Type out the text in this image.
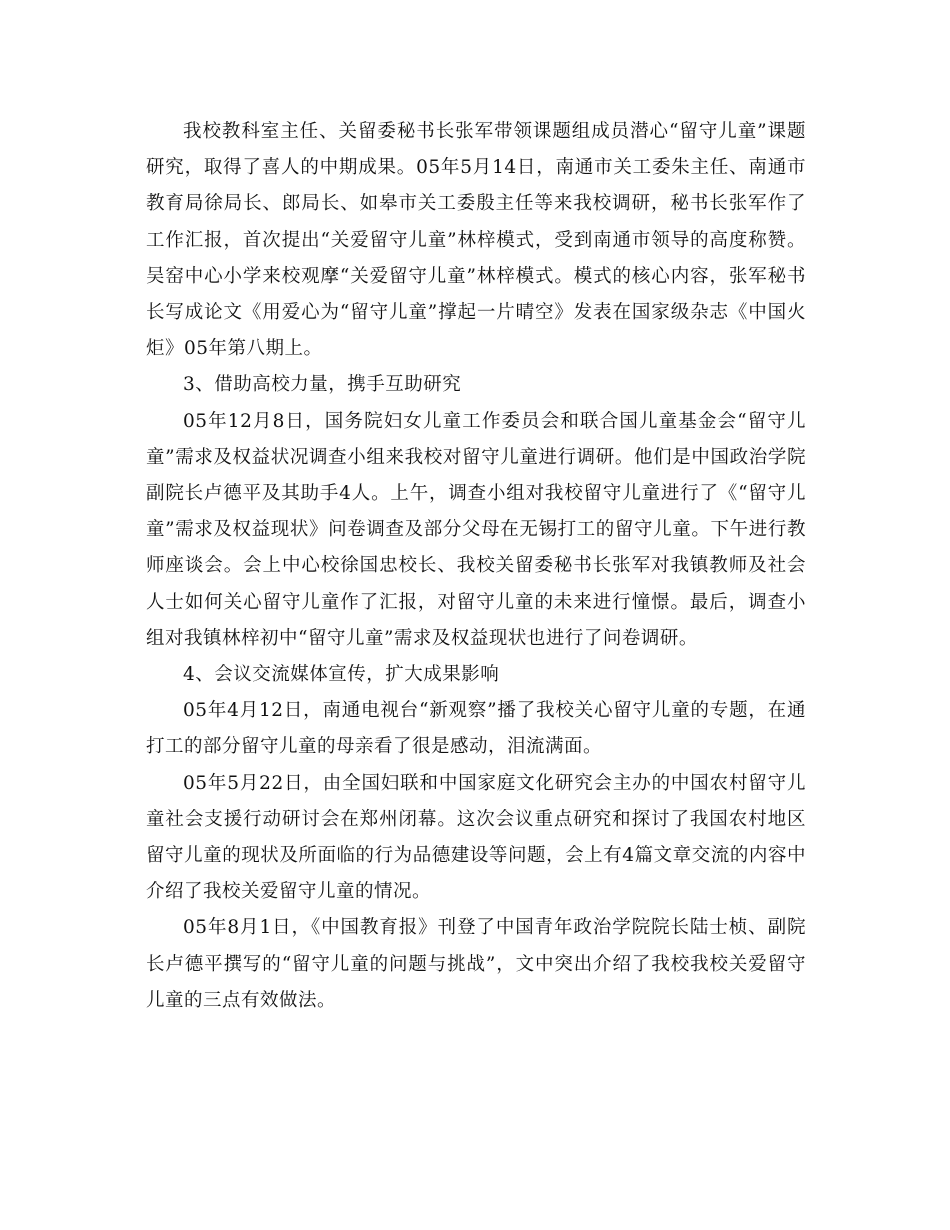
我校教科室主任、关留委秘书长张军带领课题组成员潜心“留守儿童”课题研究，取得了喜人的中期成果。05年5月14日，南通市关工委朱主任、南通市教育局徐局长、郎局长、如皋市关工委殷主任等来我校调研，秘书长张军作了工作汇报，首次提出“关爱留守儿童”林梓模式，受到南通市领导的高度称赞。吴窑中心小学来校观摩“关爱留守儿童”林梓模式。模式的核心内容，张军秘书长写成论文《用爱心为“留守儿童”撑起一片晴空》发表在国家级杂志《中国火炬》05年第八期上。

3、借助高校力量，携手互助研究

05年12月8日，国务院妇女儿童工作委员会和联合国儿童基金会“留守儿童”需求及权益状况调查小组来我校对留守儿童进行调研。他们是中国政治学院副院长卢德平及其助手4人。上午，调查小组对我校留守儿童进行了《“留守儿童”需求及权益现状》问卷调查及部分父母在无锡打工的留守儿童。下午进行教师座谈会。会上中心校徐国忠校长、我校关留委秘书长张军对我镇教师及社会人士如何关心留守儿童作了汇报，对留守儿童的未来进行憧憬。最后，调查小组对我镇林梓初中“留守儿童”需求及权益现状也进行了问卷调研。

4、会议交流媒体宣传，扩大成果影响

05年4月12日，南通电视台“新观察”播了我校关心留守儿童的专题，在通打工的部分留守儿童的母亲看了很是感动，泪流满面。

05年5月22日，由全国妇联和中国家庭文化研究会主办的中国农村留守儿童社会支援行动研讨会在郑州闭幕。这次会议重点研究和探讨了我国农村地区留守儿童的现状及所面临的行为品德建设等问题，会上有4篇文章交流的内容中介绍了我校关爱留守儿童的情况。

05年8月1日，《中国教育报》刊登了中国青年政治学院院长陆士桢、副院长卢德平撰写的“留守儿童的问题与挑战”，文中突出介绍了我校我校关爱留守儿童的三点有效做法。
